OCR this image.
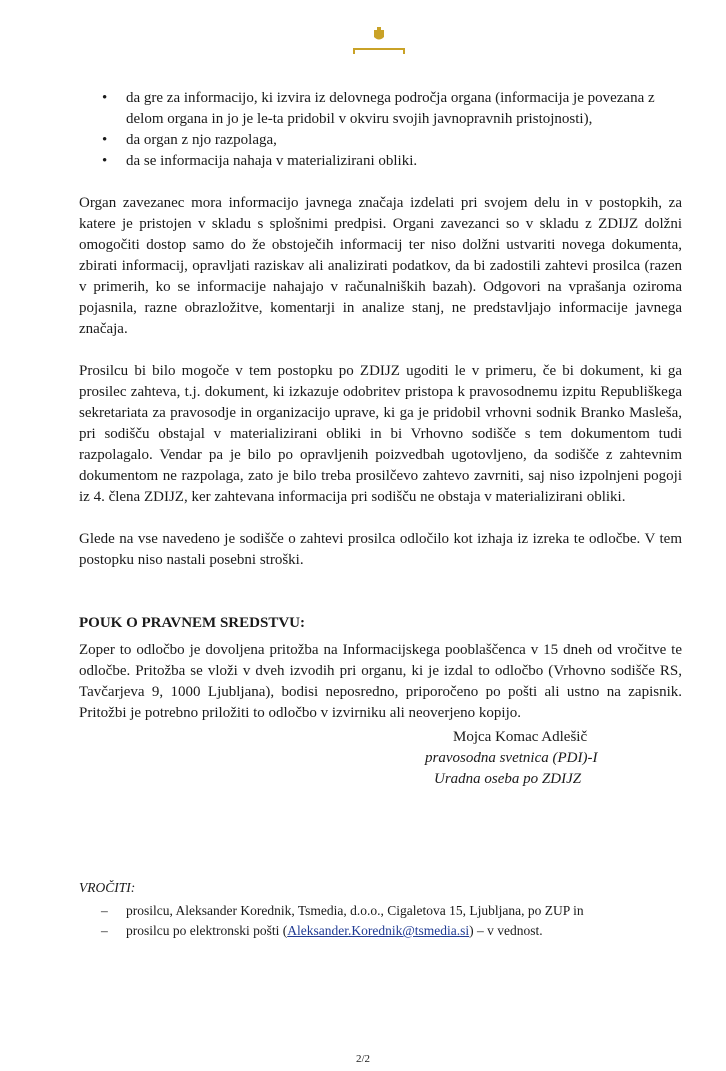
• da gre za informacijo, ki izvira iz delovnega področja organa (informacija je povezana z delom organa in jo je le-ta pridobil v okviru svojih javnopravnih pristojnosti),
• da organ z njo razpolaga,
• da se informacija nahaja v materializirani obliki.

Organ zavezanec mora informacijo javnega značaja izdelati pri svojem delu in v postopkih, za katere je pristojen v skladu s splošnimi predpisi. Organi zavezanci so v skladu z ZDIJZ dolžni omogočiti dostop samo do že obstoječih informacij ter niso dolžni ustvariti novega dokumenta, zbirati informacij, opravljati raziskav ali analizirati podatkov, da bi zadostili zahtevi prosilca (razen v primerih, ko se informacije nahajajo v računalniških bazah). Odgovori na vprašanja oziroma pojasnila, razne obrazložitve, komentarji in analize stanj, ne predstavljajo informacije javnega značaja.

Prosilcu bi bilo mogoče v tem postopku po ZDIJZ ugoditi le v primeru, če bi dokument, ki ga prosilec zahteva, t.j. dokument, ki izkazuje odobritev pristopa k pravosodnemu izpitu Republiškega sekretariata za pravosodje in organizacijo uprave, ki ga je pridobil vrhovni sodnik Branko Masleša, pri sodišču obstajal v materializirani obliki in bi Vrhovno sodišče s tem dokumentom tudi razpolagalo. Vendar pa je bilo po opravljenih poizvedbah ugotovljeno, da sodišče z zahtevnim dokumentom ne razpolaga, zato je bilo treba prosilčevo zahtevo zavrniti, saj niso izpolnjeni pogoji iz 4. člena ZDIJZ, ker zahtevana informacija pri sodišču ne obstaja v materializirani obliki.

Glede na vse navedeno je sodišče o zahtevi prosilca odločilo kot izhaja iz izreka te odločbe. V tem postopku niso nastali posebni stroški.

POUK O PRAVNEM SREDSTVU:

Zoper to odločbo je dovoljena pritožba na Informacijskega pooblaščenca v 15 dneh od vročitve te odločbe. Pritožba se vloži v dveh izvodih pri organu, ki je izdal to odločbo (Vrhovno sodišče RS, Tavčarjeva 9, 1000 Ljubljana), bodisi neposredno, priporočeno po pošti ali ustno na zapisnik. Pritožbi je potrebno priložiti to odločbo v izvirniku ali neoverjeno kopijo.

Mojca Komac Adlešič
pravosodna svetnica (PDI)-I
Uradna oseba po ZDIJZ
VROČITI:
– prosilcu, Aleksander Korednik, Tsmedia, d.o.o., Cigaletova 15, Ljubljana, po ZUP in
– prosilcu po elektronski pošti (Aleksander.Korednik@tsmedia.si) – v vednost.
2/2
